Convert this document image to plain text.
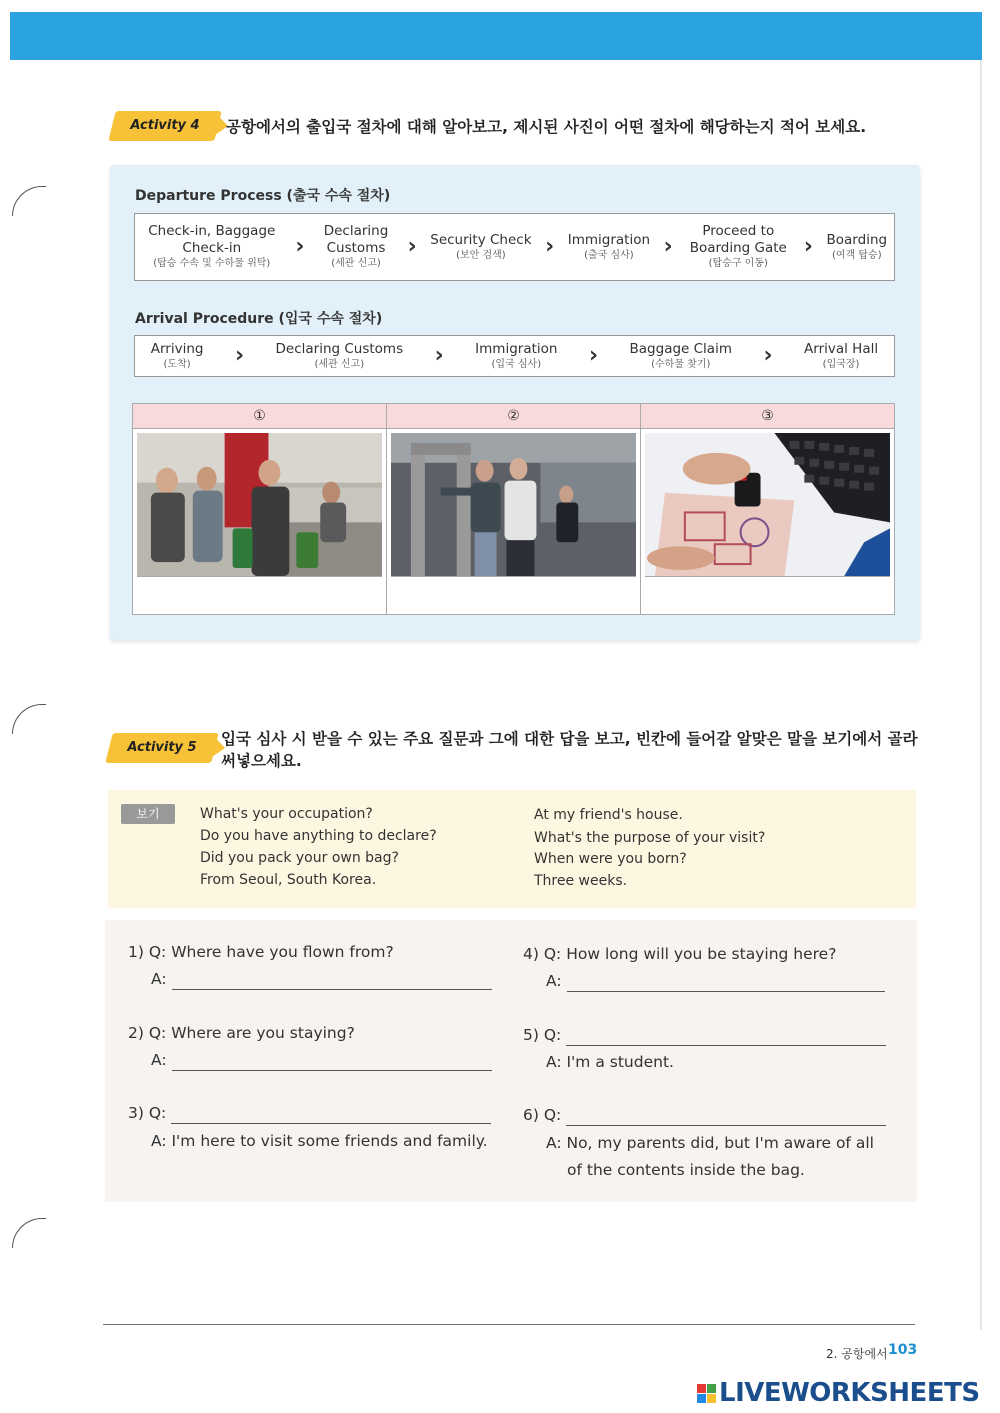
Activity 4	공항에서의 출입국 절차에 대해 알아보고, 제시된 사진이 어떤 절차에 해당하는지 적어 보세요.
Departure Process (출국 수속 절차)
Check-in, Baggage Check-in
(탑승 수속 및 수하물 위탁)
›
Declaring Customs
(세관 신고)
› Security Check
(보안 검색)	› Immigration
(출국 심사)	›
Proceed to Boarding Gate
(탑승구 이동)
› Boarding
(여객 탑승)
Arrival Procedure (입국 수속 절차)
Arriving
(도착)	› Declaring Customs
(세관 신고)	› Immigration
(입국 심사)	› Baggage Claim
(수하물 찾기)	› Arrival Hall
(입국장)
①	②	③
Activity 5	입국 심사 시 받을 수 있는 주요 질문과 그에 대한 답을 보고, 빈칸에 들어갈 알맞은 말을 보기에서 골라
써넣으세요.
보기	What's your occupation?
Do you have anything to declare?
Did you pack your own bag?
From Seoul, South Korea.
At my friend's house.
What's the purpose of your visit?
When were you born?
Three weeks.
1) Q: Where have you flown from?
A:
2) Q: Where are you staying?
A:
3) Q:
A: I'm here to visit some friends and family.
4) Q: How long will you be staying here?
A:
5) Q:
A: I'm a student.
6) Q:
A: No, my parents did, but I'm aware of all
of the contents inside the bag.
2. 공항에서 103
LIVEWORKSHEETS
